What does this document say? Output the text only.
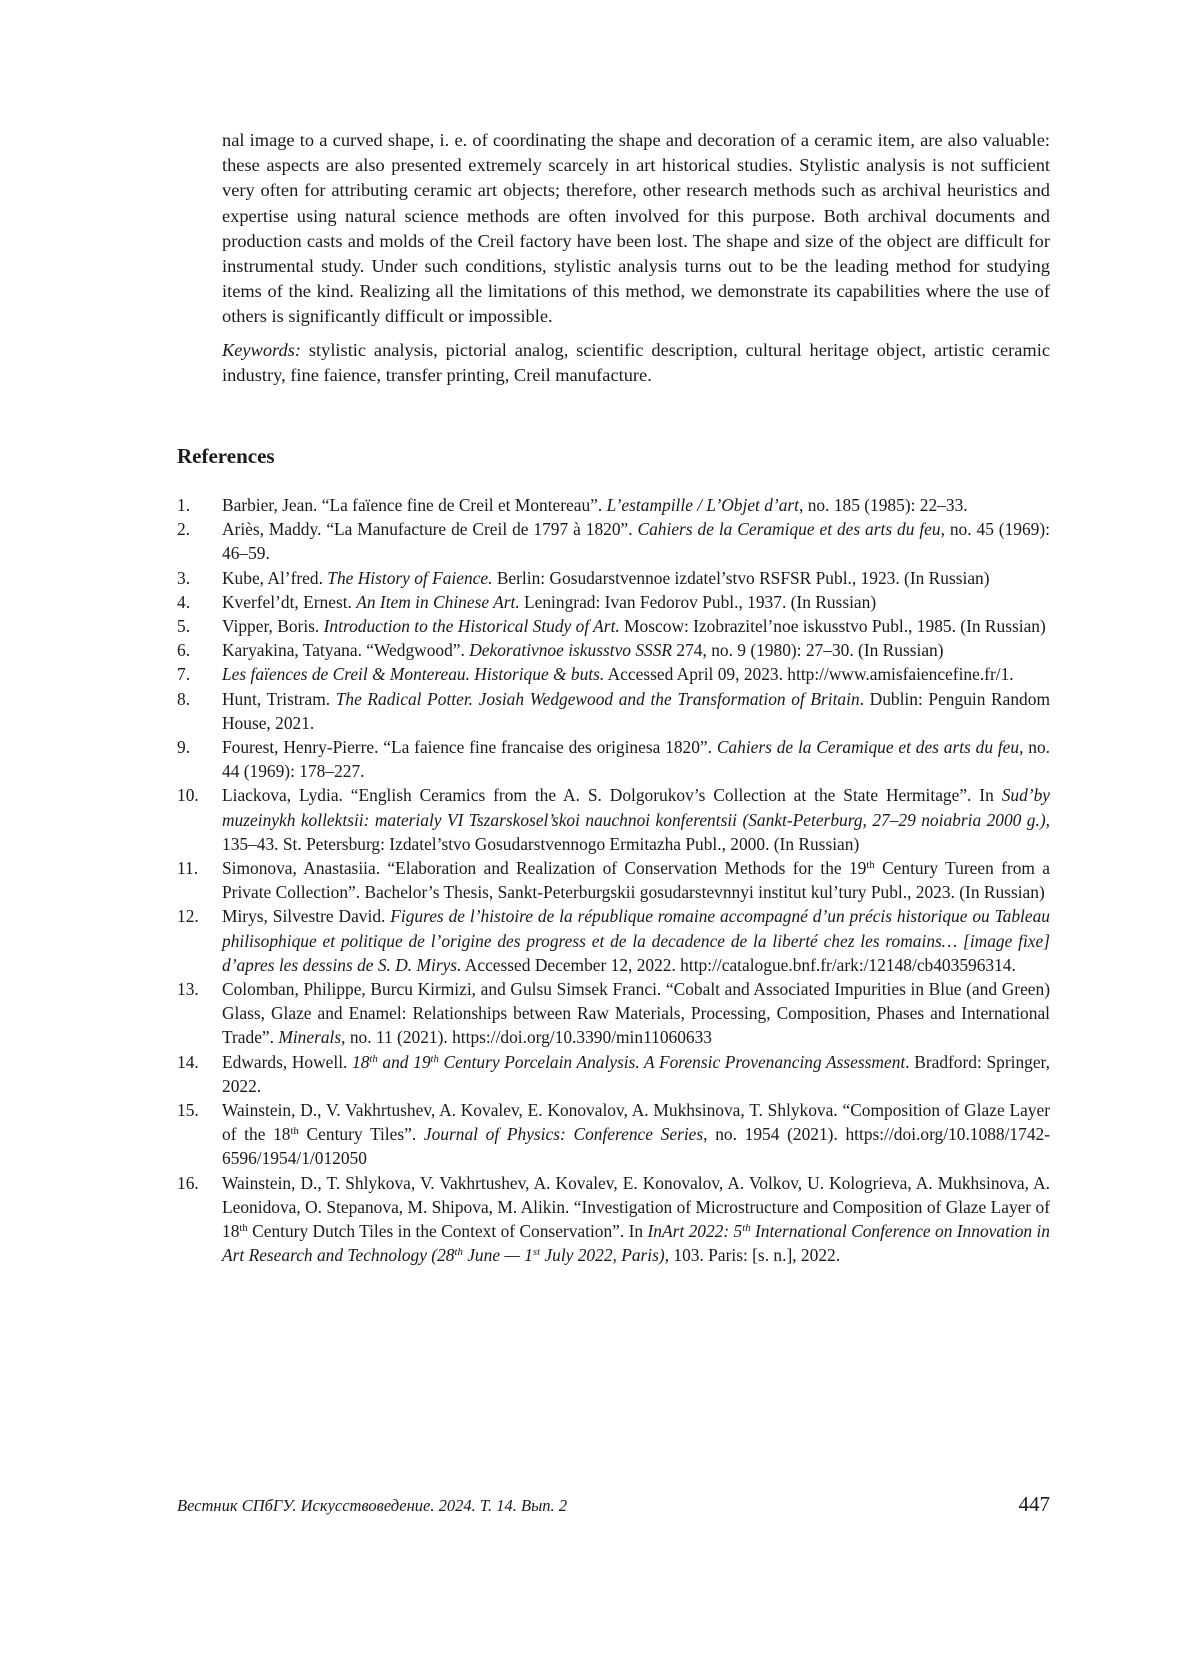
nal image to a curved shape, i. e. of coordinating the shape and decoration of a ceramic item, are also valuable: these aspects are also presented extremely scarcely in art historical studies. Stylistic analysis is not sufficient very often for attributing ceramic art objects; therefore, other research methods such as archival heuristics and expertise using natural science methods are often involved for this purpose. Both archival documents and production casts and molds of the Creil factory have been lost. The shape and size of the object are difficult for instrumental study. Under such conditions, stylistic analysis turns out to be the leading method for studying items of the kind. Realizing all the limitations of this method, we demonstrate its capabilities where the use of others is significantly difficult or impossible.

Keywords: stylistic analysis, pictorial analog, scientific description, cultural heritage object, artistic ceramic industry, fine faience, transfer printing, Creil manufacture.

References
1.	Barbier, Jean. “La faïence fine de Creil et Montereau”. L’estampille / L’Objet d’art, no. 185 (1985): 22–33.
2.	Ariès, Maddy. “La Manufacture de Creil de 1797 à 1820”. Cahiers de la Ceramique et des arts du feu, no. 45 (1969): 46–59.
3.	Kube, Al’fred. The History of Faience. Berlin: Gosudarstvennoe izdatel’stvo RSFSR Publ., 1923. (In Russian)
4.	Kverfel’dt, Ernest. An Item in Chinese Art. Leningrad: Ivan Fedorov Publ., 1937. (In Russian)
5.	Vipper, Boris. Introduction to the Historical Study of Art. Moscow: Izobrazitel’noe iskusstvo Publ., 1985. (In Russian)
6.	Karyakina, Tatyana. “Wedgwood”. Dekorativnoe iskusstvo SSSR 274, no. 9 (1980): 27–30. (In Russian)
7.	Les faïences de Creil & Montereau. Historique & buts. Accessed April 09, 2023. http://www.amisfaiencefine.fr/1.
8.	Hunt, Tristram. The Radical Potter. Josiah Wedgewood and the Transformation of Britain. Dublin: Penguin Random House, 2021.
9.	Fourest, Henry-Pierre. “La faience fine francaise des originesa 1820”. Cahiers de la Ceramique et des arts du feu, no. 44 (1969): 178–227.
10.	Liackova, Lydia. “English Ceramics from the A. S. Dolgorukov’s Collection at the State Hermitage”. In Sud’by muzeinykh kollektsii: materialy VI Tszarskosel’skoi nauchnoi konferentsii (Sankt-Peterburg, 27–29 noiabria 2000 g.), 135–43. St. Petersburg: Izdatel’stvo Gosudarstvennogo Ermitazha Publ., 2000. (In Russian)
11.	Simonova, Anastasiia. “Elaboration and Realization of Conservation Methods for the 19th Century Tureen from a Private Collection”. Bachelor’s Thesis, Sankt-Peterburgskii gosudarstevnnyi institut kul’tury Publ., 2023. (In Russian)
12.	Mirys, Silvestre David. Figures de l’histoire de la république romaine accompagné d’un précis historique ou Tableau philisophique et politique de l’origine des progress et de la decadence de la liberté chez les romains… [image fixe] d’apres les dessins de S. D. Mirys. Accessed December 12, 2022. http://catalogue.bnf.fr/ark:/12148/cb403596314.
13.	Colomban, Philippe, Burcu Kirmizi, and Gulsu Simsek Franci. “Cobalt and Associated Impurities in Blue (and Green) Glass, Glaze and Enamel: Relationships between Raw Materials, Processing, Composition, Phases and International Trade”. Minerals, no. 11 (2021). https://doi.org/10.3390/min11060633
14.	Edwards, Howell. 18th and 19th Century Porcelain Analysis. A Forensic Provenancing Assessment. Bradford: Springer, 2022.
15.	Wainstein, D., V. Vakhrtushev, A. Kovalev, E. Konovalov, A. Mukhsinova, T. Shlykova. “Composition of Glaze Layer of the 18th Century Tiles”. Journal of Physics: Conference Series, no. 1954 (2021). https://doi.org/10.1088/1742-6596/1954/1/012050
16.	Wainstein, D., T. Shlykova, V. Vakhrtushev, A. Kovalev, E. Konovalov, A. Volkov, U. Kologrieva, A. Mukhsinova, A. Leonidova, O. Stepanova, M. Shipova, M. Alikin. “Investigation of Microstructure and Composition of Glaze Layer of 18th Century Dutch Tiles in the Context of Conservation”. In InArt 2022: 5th International Conference on Innovation in Art Research and Technology (28th June — 1st July 2022, Paris), 103. Paris: [s. n.], 2022.
Вестник СПбГУ. Искусствоведение. 2024. Т. 14. Вып. 2	447
